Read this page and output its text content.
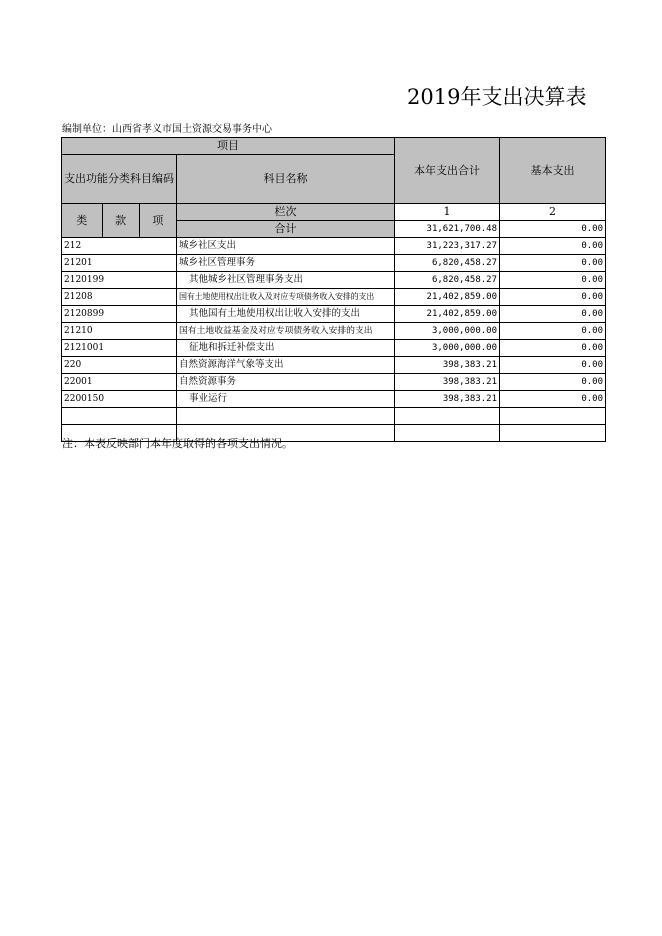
2019年支出决算表
编制单位：山西省孝义市国土资源交易事务中心
项目				本年支出合计	基本支出
支出功能分类科目编码			科目名称		

类	款	项	栏次	1	2
			合计	31,621,700.48	0.00
212			城乡社区支出	31,223,317.27	0.00
21201			城乡社区管理事务	6,820,458.27	0.00
2120199			其他城乡社区管理事务支出	6,820,458.27	0.00
21208			国有土地使用权出让收入及对应专项债务收入安排的支出	21,402,859.00	0.00
2120899			其他国有土地使用权出让收入安排的支出	21,402,859.00	0.00
21210			国有土地收益基金及对应专项债务收入安排的支出	3,000,000.00	0.00
2121001			征地和拆迁补偿支出	3,000,000.00	0.00
220			自然资源海洋气象等支出	398,383.21	0.00
22001			自然资源事务	398,383.21	0.00
2200150			事业运行	398,383.21	0.00

注：本表反映部门本年度取得的各项支出情况。
